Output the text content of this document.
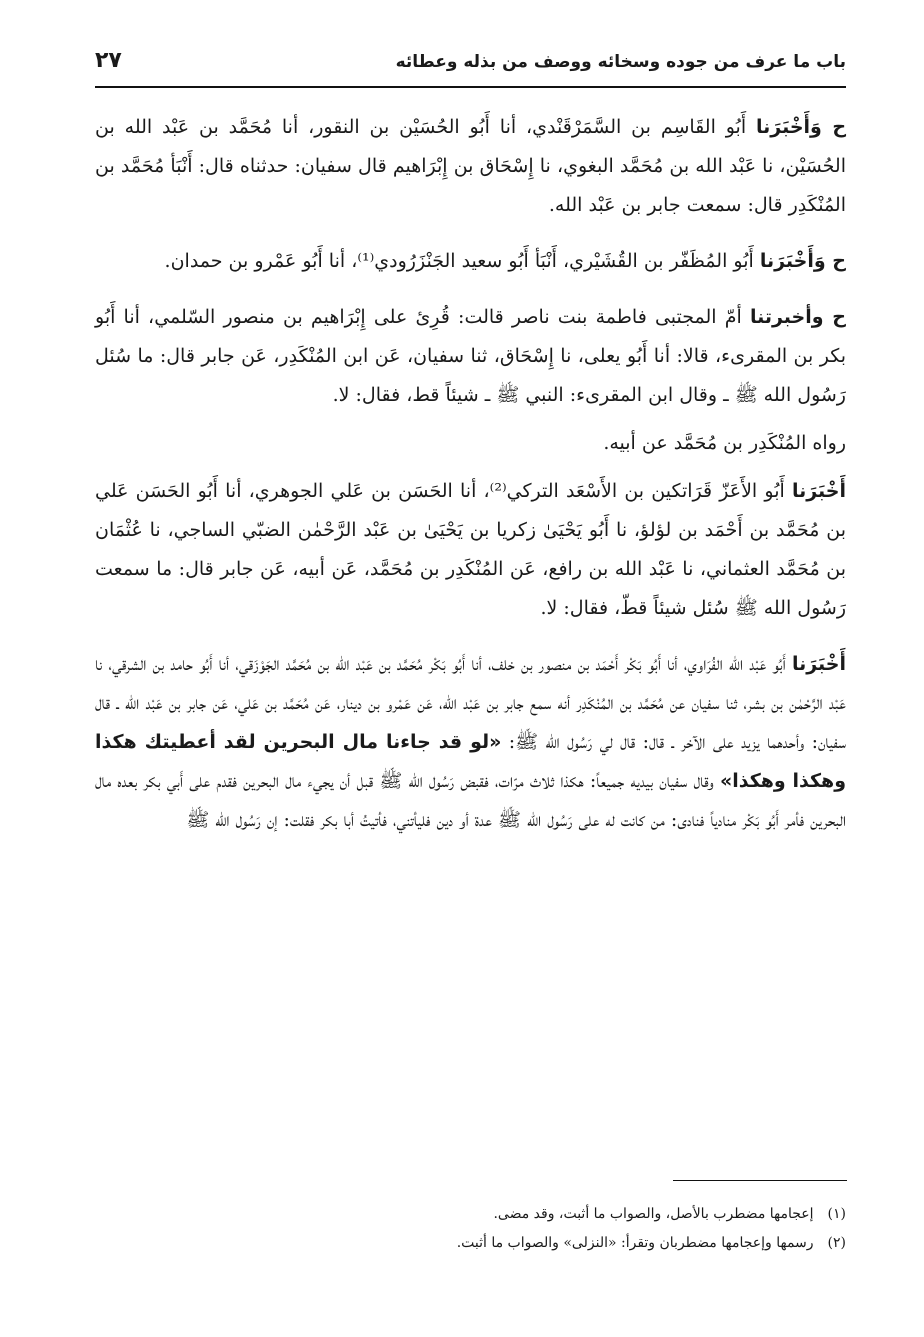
باب ما عرف من جوده وسخائه ووصف من بذله وعطائه
٢٧

ح وَأَخْبَرَنا أَبُو القَاسِم بن السَّمَرْقَنْدي، أنا أَبُو الحُسَيْن بن النقور، أنا مُحَمَّد بن عَبْد الله بن الحُسَيْن، نا عَبْد الله بن مُحَمَّد البغوي، نا إِسْحَاق بن إِبْرَاهيم قال سفيان: حدثناه قال: أَنْبَأ مُحَمَّد بن المُنْكَدِر قال: سمعت جابر بن عَبْد الله.

ح وَأَخْبَرَنا أَبُو المُظَفّر بن القُشَيْري، أَنْبَأ أَبُو سعيد الجَنْزَرُودي⁽¹⁾، أنا أَبُو عَمْرو بن حمدان.

ح وأخبرتنا أمّ المجتبى فاطمة بنت ناصر قالت: قُرِئ على إِبْرَاهيم بن منصور السّلمي، أنا أَبُو بكر بن المقرىء، قالا: أنا أَبُو يعلى، نا إِسْحَاق، ثنا سفيان، عَن ابن المُنْكَدِر، عَن جابر قال: ما سُئل رَسُول الله ﷺ ـ وقال ابن المقرىء: النبي ﷺ ـ شيئاً قط، فقال: لا.

رواه المُنْكَدِر بن مُحَمَّد عن أبيه.

أَخْبَرَنا أَبُو الأَعَزّ قَرَاتكين بن الأَسْعَد التركي⁽²⁾، أنا الحَسَن بن عَلي الجوهري، أنا أَبُو الحَسَن عَلي بن مُحَمَّد بن أَحْمَد بن لؤلؤ، نا أَبُو يَحْيَىٰ زكريا بن يَحْيَىٰ بن عَبْد الرَّحْمٰن الضبّي الساجي، نا عُثْمَان بن مُحَمَّد العثماني، نا عَبْد الله بن رافع، عَن المُنْكَدِر بن مُحَمَّد، عَن أبيه، عَن جابر قال: ما سمعت رَسُول الله ﷺ سُئل شيئاً قطّ، فقال: لا.

أَخْبَرَنا أَبُو عَبْد الله الفُرَاوي، أنا أَبُو بَكْر أَحْمَد بن منصور بن خلف، أنا أَبُو بَكْر مُحَمَّد بن عَبْد الله بن مُحَمَّد الجَوْزَقي، أنا أَبُو حامد بن الشرقي، نا عَبْد الرَّحْمٰن بن بشر، ثنا سفيان عن مُحَمَّد بن المُنْكَدِر أنه سمع جابر بن عَبْد الله، عَن عَمْرو بن دينار، عَن مُحَمَّد بن عَلي، عَن جابر بن عَبْد الله ـ قال سفيان: وأحدهما يزيد على الآخر ـ قال: قال لي رَسُول الله ﷺ: «لو قد جاءنا مال البحرين لقد أعطيتك هكذا وهكذا وهكذا» وقال سفيان بيديه جميعاً: هكذا ثلاث مرّات، فقبض رَسُول الله ﷺ قبل أن يجيء مال البحرين فقدم على أَبي بكر بعده مال البحرين فأمر أَبُو بَكْر منادياً فنادى: من كانت له على رَسُول الله ﷺ عدة أو دين فليأتني، فأتيتُ أبا بكر فقلت: إن رَسُول الله ﷺ

(١)إعجامها مضطرب بالأصل، والصواب ما أثبت، وقد مضى.

(٢)رسمها وإعجامها مضطربان وتقرأ: «النزلى» والصواب ما أثبت.
